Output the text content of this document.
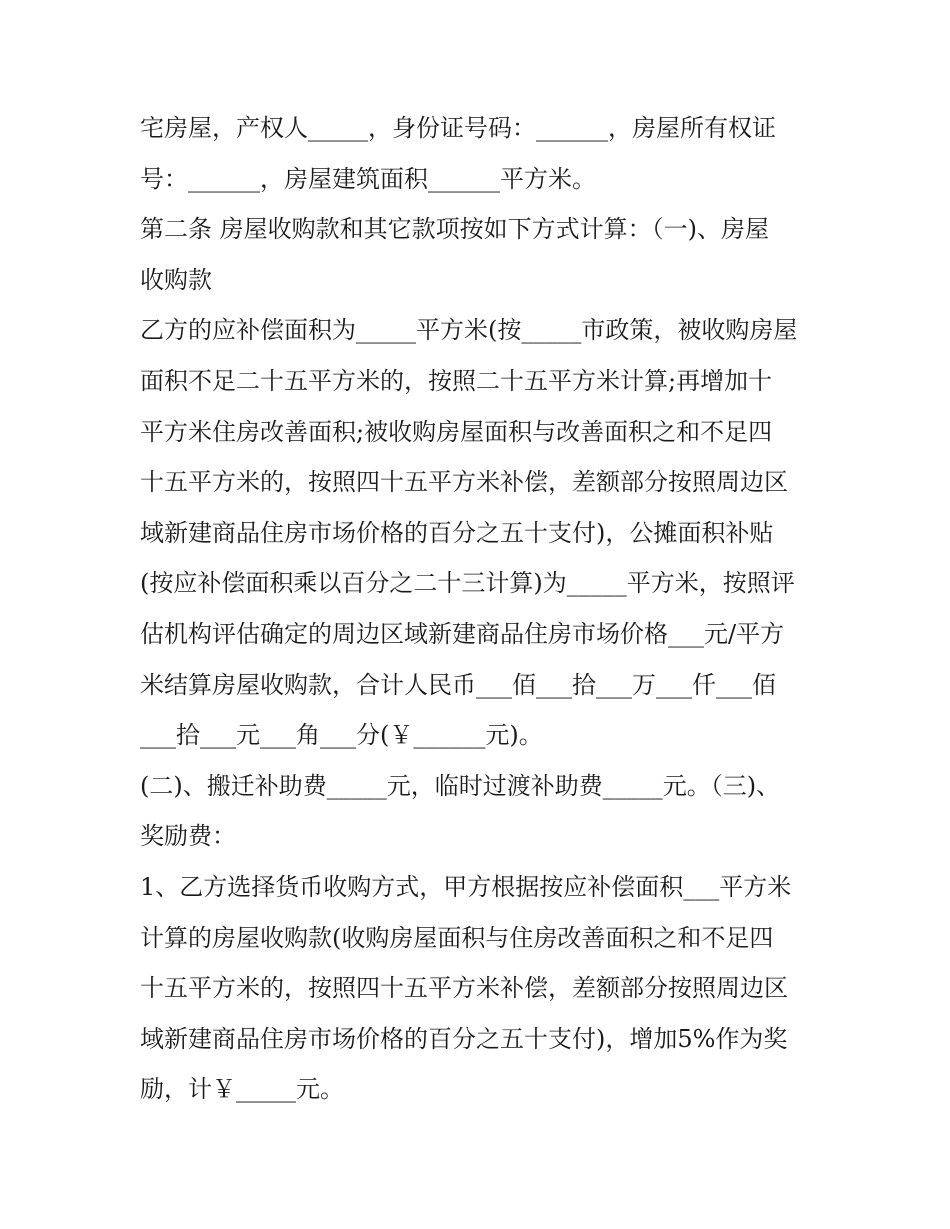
宅房屋，产权人_____，身份证号码：______，房屋所有权证
号：______，房屋建筑面积______平方米。
第二条 房屋收购款和其它款项按如下方式计算：（一)、房屋
收购款
乙方的应补偿面积为_____平方米(按_____市政策，被收购房屋
面积不足二十五平方米的，按照二十五平方米计算;再增加十
平方米住房改善面积;被收购房屋面积与改善面积之和不足四
十五平方米的，按照四十五平方米补偿，差额部分按照周边区
域新建商品住房市场价格的百分之五十支付)，公摊面积补贴
(按应补偿面积乘以百分之二十三计算)为_____平方米，按照评
估机构评估确定的周边区域新建商品住房市场价格___元/平方
米结算房屋收购款，合计人民币___佰___拾___万___仟___佰
___拾___元___角___分(￥______元)。
(二)、搬迁补助费_____元，临时过渡补助费_____元。（三)、
奖励费：
1、乙方选择货币收购方式，甲方根据按应补偿面积___平方米
计算的房屋收购款(收购房屋面积与住房改善面积之和不足四
十五平方米的，按照四十五平方米补偿，差额部分按照周边区
域新建商品住房市场价格的百分之五十支付)，增加5%作为奖
励，计￥_____元。
